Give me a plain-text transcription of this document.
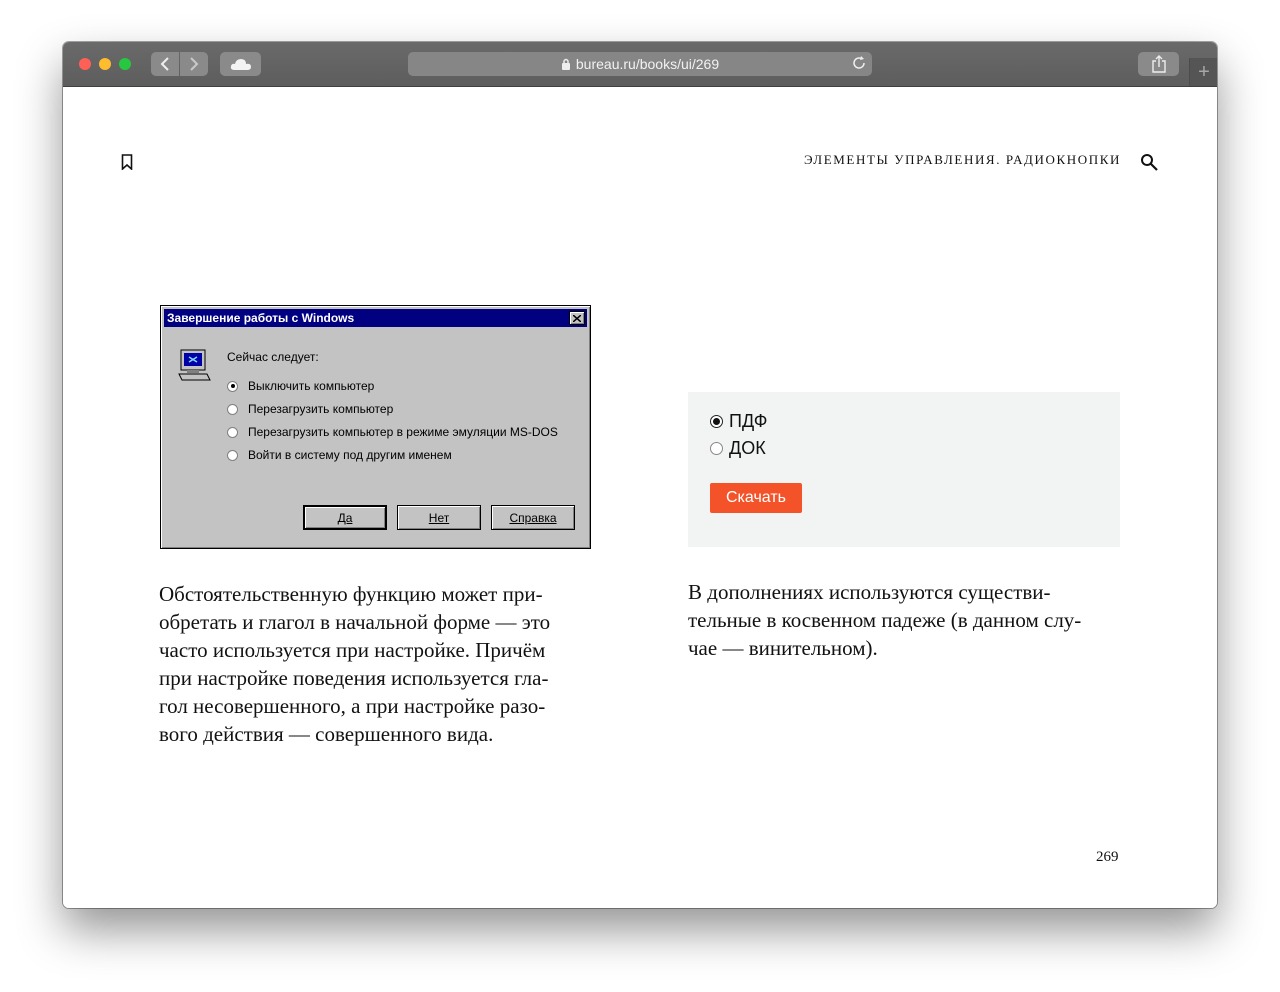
bureau.ru/books/ui/269	+
ЭЛЕМЕНТЫ УПРАВЛЕНИЯ. РАДИОКНОПКИ
Завершение работы с Windows
Сейчас следует:
Выключить компьютер
Перезагрузить компьютер
Перезагрузить компьютер в режиме эмуляции MS-DOS
Войти в систему под другим именем
Да	Нет	Справка
ПДФ
ДОК
Скачать
Обстоятельственную функцию может при-
обретать и глагол в начальной форме — это
часто используется при настройке. Причём
при настройке поведения используется гла-
гол несовершенного, а при настройке разо-
вого действия — совершенного вида.
В дополнениях используются существи-
тельные в косвенном падеже (в данном слу-
чае — винительном).
269
